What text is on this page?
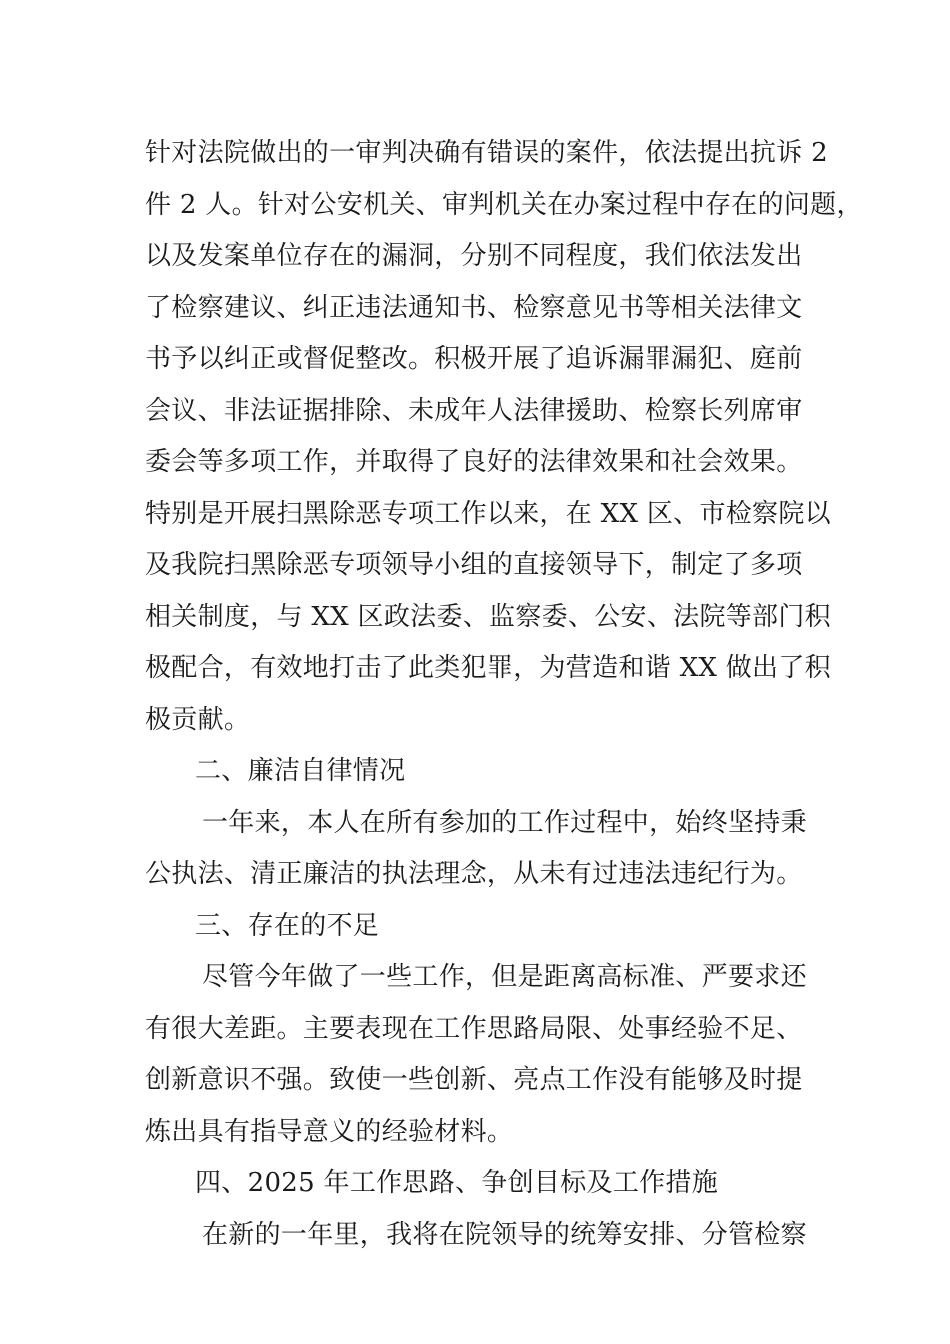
针对法院做出的一审判决确有错误的案件，依法提出抗诉 2
件 2 人。针对公安机关、审判机关在办案过程中存在的问题，
以及发案单位存在的漏洞，分别不同程度，我们依法发出
了检察建议、纠正违法通知书、检察意见书等相关法律文
书予以纠正或督促整改。积极开展了追诉漏罪漏犯、庭前
会议、非法证据排除、未成年人法律援助、检察长列席审
委会等多项工作，并取得了良好的法律效果和社会效果。
特别是开展扫黑除恶专项工作以来，在 XX 区、市检察院以
及我院扫黑除恶专项领导小组的直接领导下，制定了多项
相关制度，与 XX 区政法委、监察委、公安、法院等部门积
极配合，有效地打击了此类犯罪，为营造和谐 XX 做出了积
极贡献。
二、廉洁自律情况
一年来，本人在所有参加的工作过程中，始终坚持秉
公执法、清正廉洁的执法理念，从未有过违法违纪行为。
三、存在的不足
尽管今年做了一些工作，但是距离高标准、严要求还
有很大差距。主要表现在工作思路局限、处事经验不足、
创新意识不强。致使一些创新、亮点工作没有能够及时提
炼出具有指导意义的经验材料。
四、2025 年工作思路、争创目标及工作措施
在新的一年里，我将在院领导的统筹安排、分管检察
